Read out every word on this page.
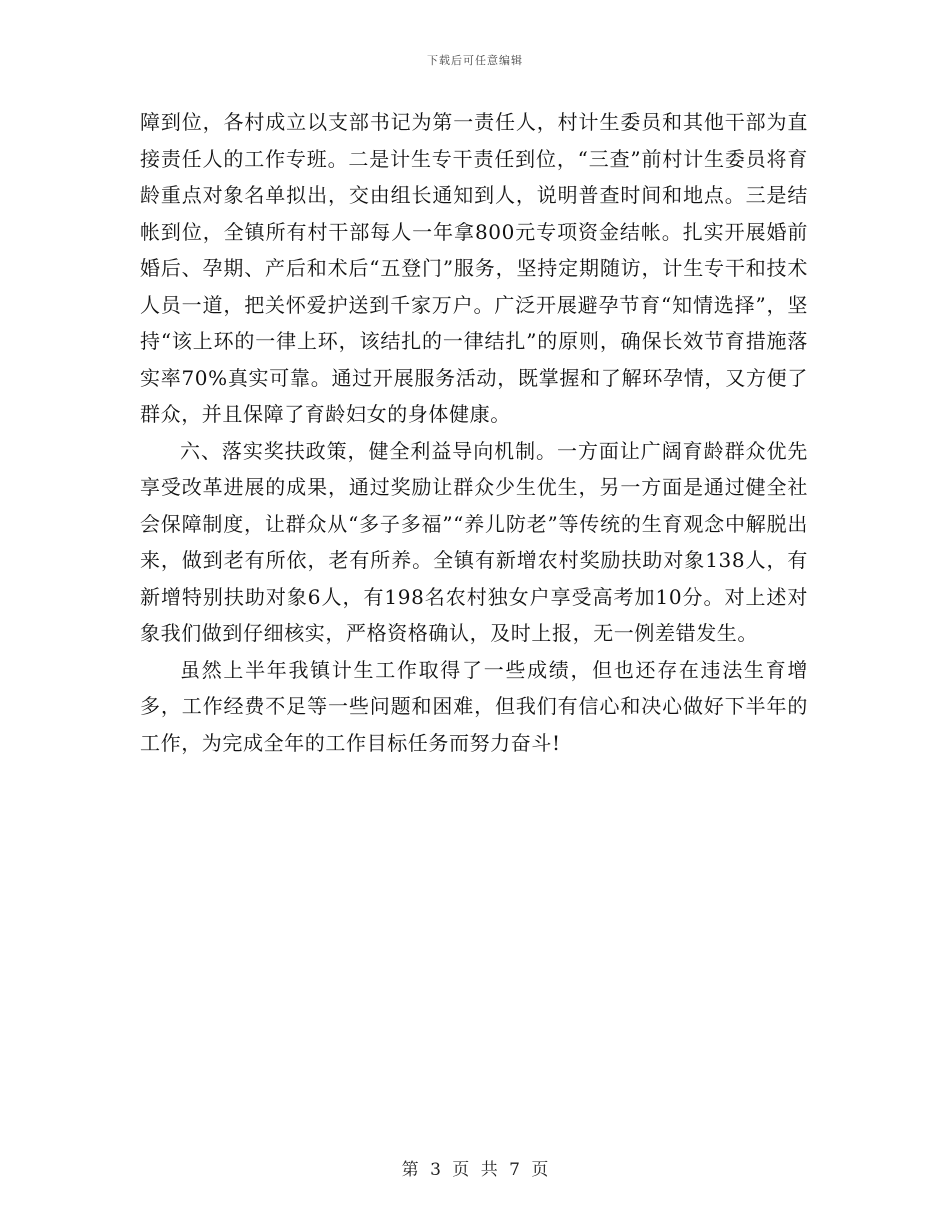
下载后可任意编辑

障到位，各村成立以支部书记为第一责任人，村计生委员和其他干部为直接责任人的工作专班。二是计生专干责任到位，“三查”前村计生委员将育龄重点对象名单拟出，交由组长通知到人，说明普查时间和地点。三是结帐到位，全镇所有村干部每人一年拿800元专项资金结帐。扎实开展婚前婚后、孕期、产后和术后“五登门”服务，坚持定期随访，计生专干和技术人员一道，把关怀爱护送到千家万户。广泛开展避孕节育“知情选择”，坚持“该上环的一律上环，该结扎的一律结扎”的原则，确保长效节育措施落实率70%真实可靠。通过开展服务活动，既掌握和了解环孕情，又方便了群众，并且保障了育龄妇女的身体健康。

六、落实奖扶政策，健全利益导向机制。一方面让广阔育龄群众优先享受改革进展的成果，通过奖励让群众少生优生，另一方面是通过健全社会保障制度，让群众从“多子多福”“养儿防老”等传统的生育观念中解脱出来，做到老有所依，老有所养。全镇有新增农村奖励扶助对象138人，有新增特别扶助对象6人，有198名农村独女户享受高考加10分。对上述对象我们做到仔细核实，严格资格确认，及时上报，无一例差错发生。

虽然上半年我镇计生工作取得了一些成绩，但也还存在违法生育增多，工作经费不足等一些问题和困难，但我们有信心和决心做好下半年的工作，为完成全年的工作目标任务而努力奋斗!

第 3 页 共 7 页
